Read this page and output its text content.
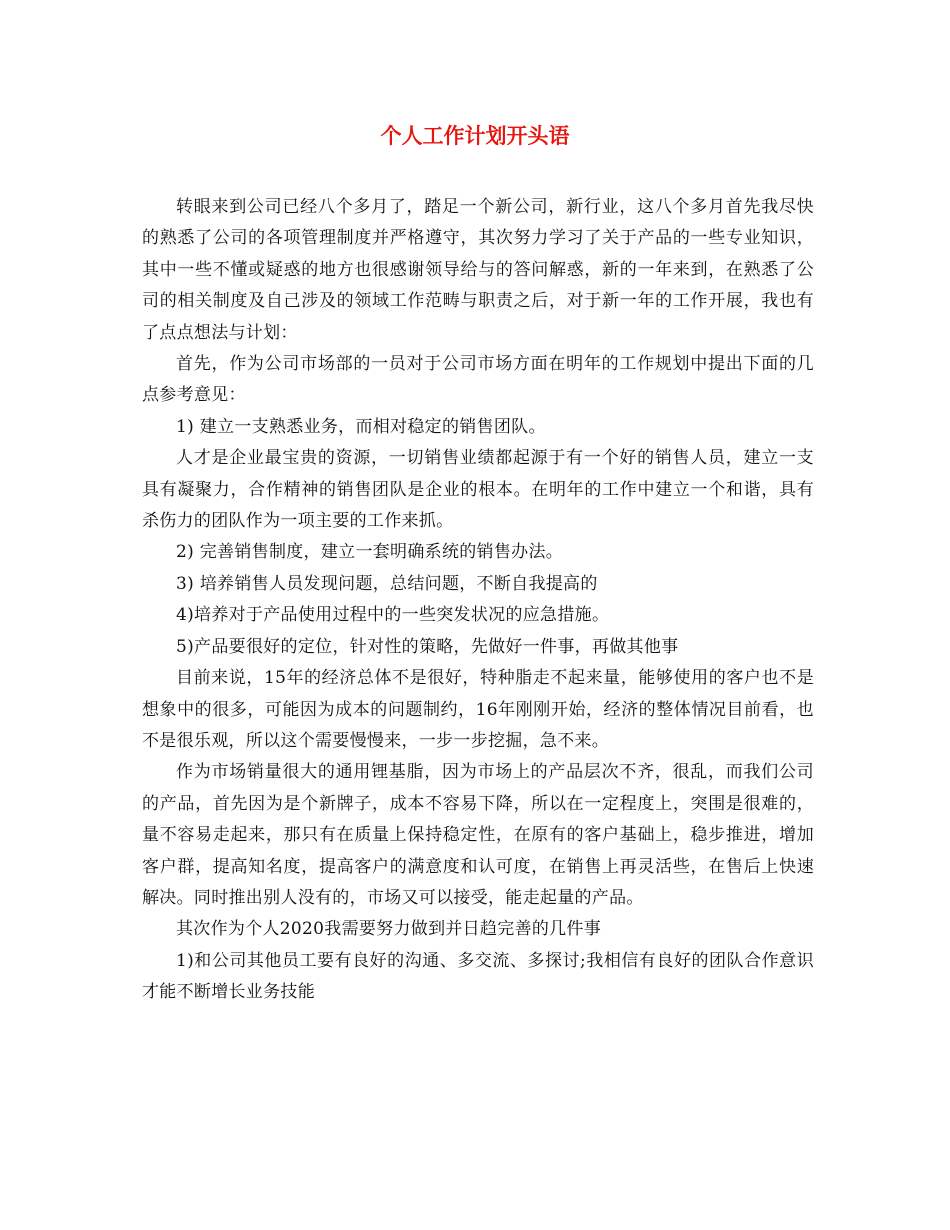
个人工作计划开头语

转眼来到公司已经八个多月了，踏足一个新公司，新行业，这八个多月首先我尽快的熟悉了公司的各项管理制度并严格遵守，其次努力学习了关于产品的一些专业知识，其中一些不懂或疑惑的地方也很感谢领导给与的答问解惑，新的一年来到，在熟悉了公司的相关制度及自己涉及的领域工作范畴与职责之后，对于新一年的工作开展，我也有了点点想法与计划：

首先，作为公司市场部的一员对于公司市场方面在明年的工作规划中提出下面的几点参考意见：

1) 建立一支熟悉业务，而相对稳定的销售团队。

人才是企业最宝贵的资源，一切销售业绩都起源于有一个好的销售人员，建立一支具有凝聚力，合作精神的销售团队是企业的根本。在明年的工作中建立一个和谐，具有杀伤力的团队作为一项主要的工作来抓。

2) 完善销售制度，建立一套明确系统的销售办法。

3) 培养销售人员发现问题，总结问题，不断自我提高的

4)培养对于产品使用过程中的一些突发状况的应急措施。

5)产品要很好的定位，针对性的策略，先做好一件事，再做其他事

目前来说，15年的经济总体不是很好，特种脂走不起来量，能够使用的客户也不是想象中的很多，可能因为成本的问题制约，16年刚刚开始，经济的整体情况目前看，也不是很乐观，所以这个需要慢慢来，一步一步挖掘，急不来。

作为市场销量很大的通用锂基脂，因为市场上的产品层次不齐，很乱，而我们公司的产品，首先因为是个新牌子，成本不容易下降，所以在一定程度上，突围是很难的，量不容易走起来，那只有在质量上保持稳定性，在原有的客户基础上，稳步推进，增加客户群，提高知名度，提高客户的满意度和认可度，在销售上再灵活些，在售后上快速解决。同时推出别人没有的，市场又可以接受，能走起量的产品。

其次作为个人2020我需要努力做到并日趋完善的几件事

1)和公司其他员工要有良好的沟通、多交流、多探讨;我相信有良好的团队合作意识才能不断增长业务技能
